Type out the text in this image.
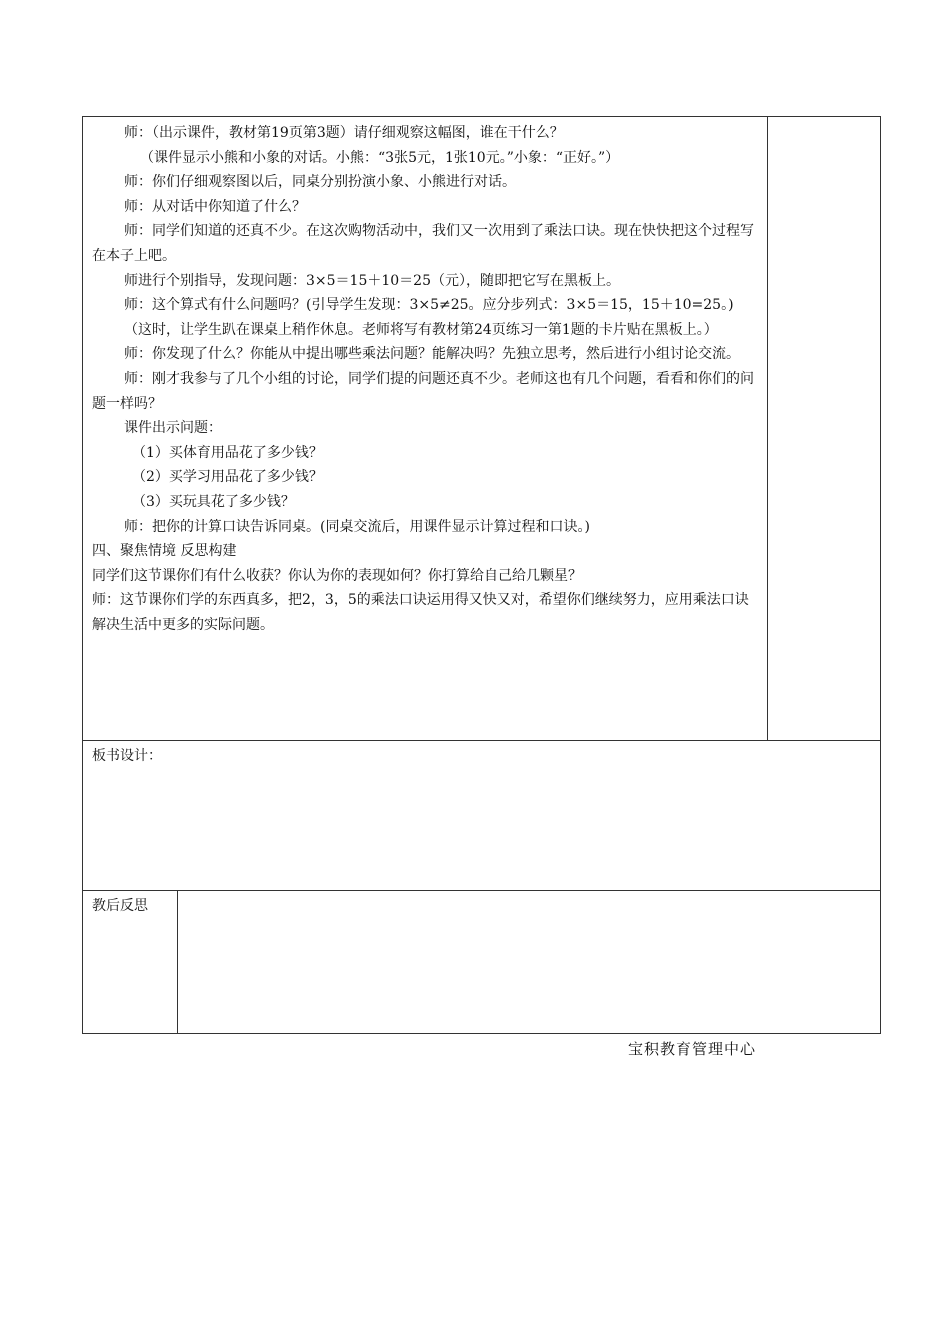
师：（出示课件，教材第19页第3题）请仔细观察这幅图，谁在干什么？

（课件显示小熊和小象的对话。小熊：“3张5元，1张10元。”小象：“正好。”）

师：你们仔细观察图以后，同桌分别扮演小象、小熊进行对话。

师：从对话中你知道了什么？

师：同学们知道的还真不少。在这次购物活动中，我们又一次用到了乘法口诀。现在快快把这个过程写在本子上吧。

师进行个别指导，发现问题：3×5＝15＋10＝25（元），随即把它写在黑板上。

师：这个算式有什么问题吗？(引导学生发现：3×5≠25。应分步列式：3×5＝15，15＋10=25。)

（这时，让学生趴在课桌上稍作休息。老师将写有教材第24页练习一第1题的卡片贴在黑板上。）

师：你发现了什么？你能从中提出哪些乘法问题？能解决吗？先独立思考，然后进行小组讨论交流。

师：刚才我参与了几个小组的讨论，同学们提的问题还真不少。老师这也有几个问题，看看和你们的问题一样吗？

课件出示问题：

（1）买体育用品花了多少钱？

（2）买学习用品花了多少钱？

（3）买玩具花了多少钱？

师：把你的计算口诀告诉同桌。(同桌交流后，用课件显示计算过程和口诀。)

四、聚焦情境 反思构建

同学们这节课你们有什么收获？你认为你的表现如何？你打算给自己给几颗星？

师：这节课你们学的东西真多，把2，3，5的乘法口诀运用得又快又对，希望你们继续努力，应用乘法口诀解决生活中更多的实际问题。

板书设计：
教后反思
宝积教育管理中心
